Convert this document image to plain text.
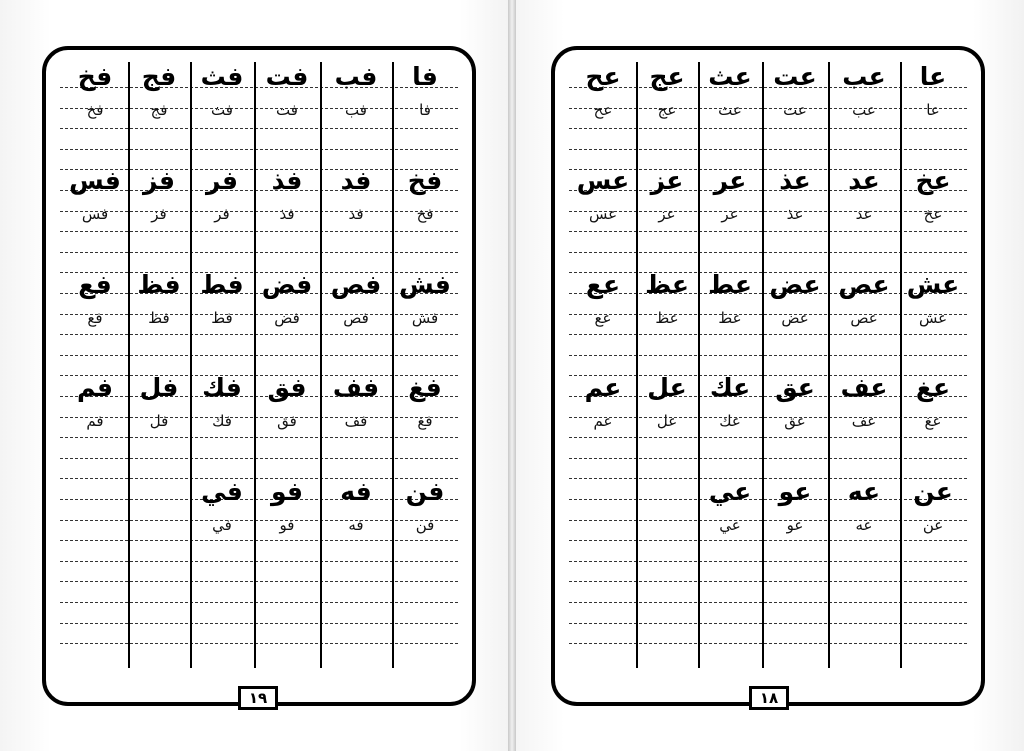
فا
فا
فب
فب
فت
فت
فث
فث
فج
فج
فخ
فخ
فخ
فخ
فد
فد
فذ
فذ
فر
فر
فز
فز
فس
فس
فش
فش
فص
فص
فض
فض
فط
فط
فظ
فظ
فع
فع
فغ
فغ
فف
فف
فق
فق
فك
فك
فل
فل
فم
فم
فن
فن
فه
فه
فو
فو
في
في
عا
عا
عب
عب
عت
عت
عث
عث
عج
عج
عح
عح
عخ
عخ
عد
عد
عذ
عذ
عر
عر
عز
عز
عس
عس
عش
عش
عص
عص
عض
عض
عط
عط
عظ
عظ
عع
عع
عغ
عغ
عف
عف
عق
عق
عك
عك
عل
عل
عم
عم
عن
عن
عه
عه
عو
عو
عي
عي
١٩	١٨
